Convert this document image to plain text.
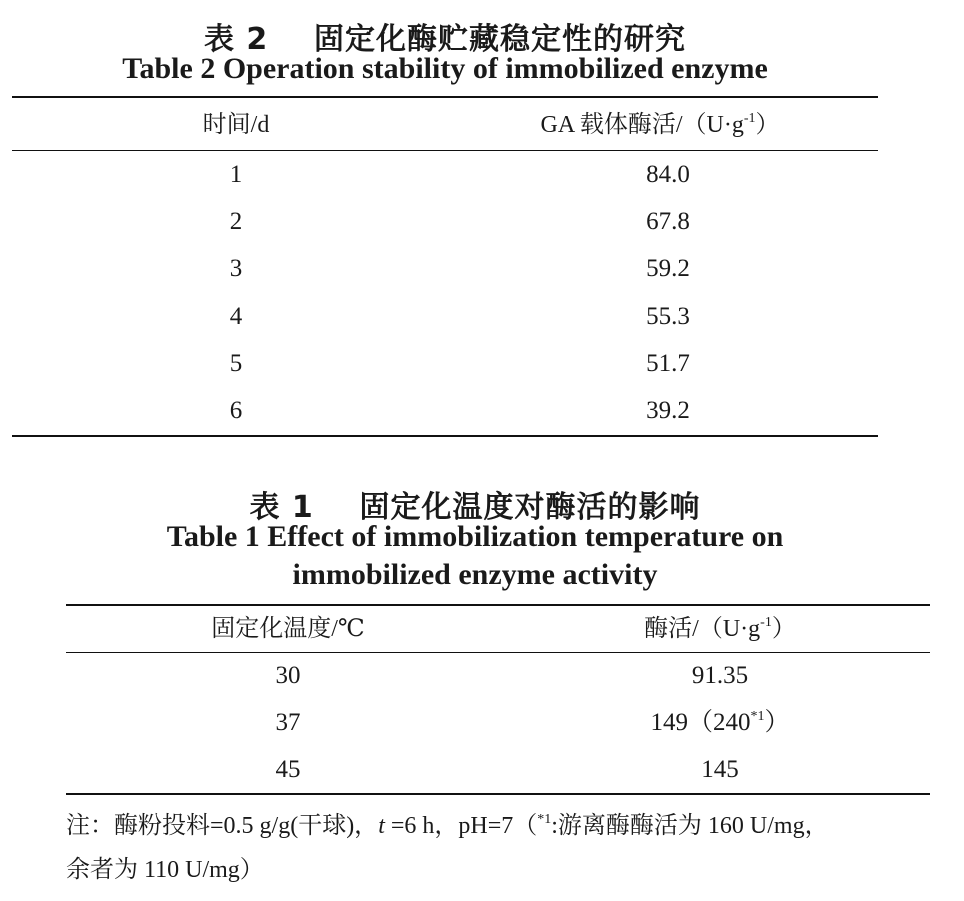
表 2    固定化酶贮藏稳定性的研究
Table 2 Operation stability of immobilized enzyme
时间/d	GA 载体酶活$/(U\cdot g^{-1})$
1	84.0
2	67.8
3	59.2
4	55.3
5	51.7
6	39.2
表 1    固定化温度对酶活的影响
Table 1 Effect of immobilization temperature on
immobilized enzyme activity
固定化温度/℃	酶活$/(U\cdot g^{-1})$
30	91.35
37	149（240$^{*1}$）
45	145
注：酶粉投料=0.5 g/g(干球)，t =6 h，pH=7（$^{*1}$:游离酶酶活为 160 U/mg，
余者为 110 U/mg）
